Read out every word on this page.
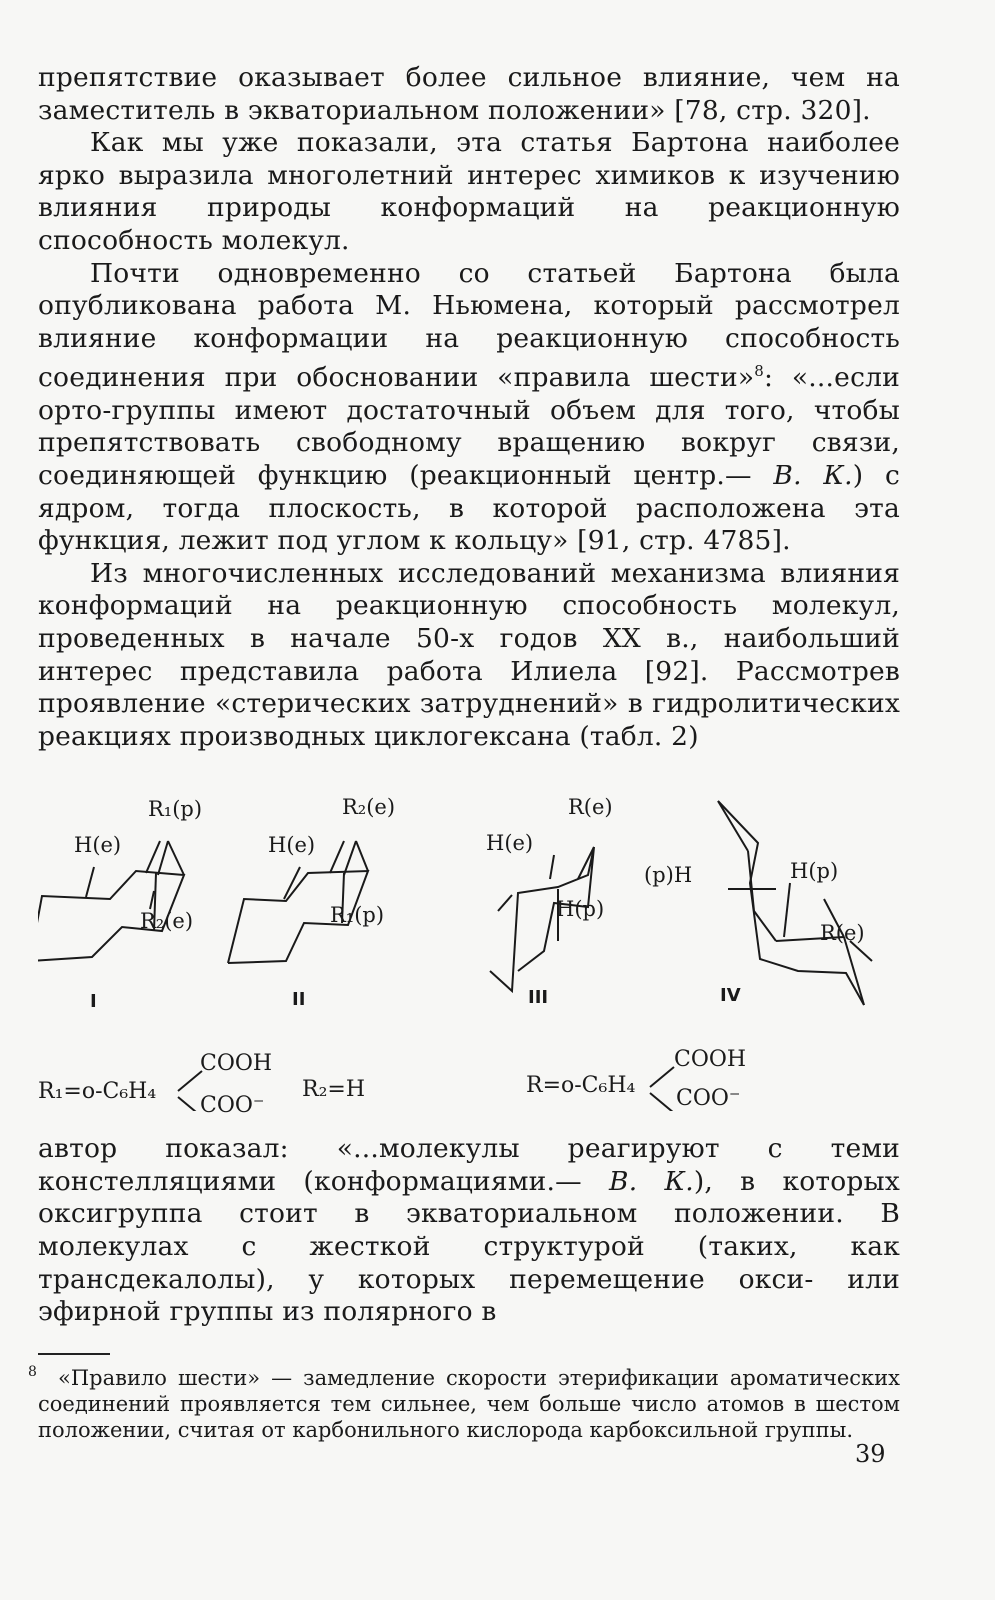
препятствие оказывает более сильное влияние, чем на заместитель в экваториальном положении» [78, стр. 320].

Как мы уже показали, эта статья Бартона наиболее ярко выразила многолетний интерес химиков к изучению влияния природы конформаций на реакционную способность молекул.

Почти одновременно со статьей Бартона была опубликована работа М. Ньюмена, который рассмотрел влияние конформации на реакционную способность соединения при обосновании «правила шести»$^8$: «...если орто-группы имеют достаточный объем для того, чтобы препятствовать свободному вращению вокруг связи, соединяющей функцию (реакционный центр.— В. К.) с ядром, тогда плоскость, в которой расположена эта функция, лежит под углом к кольцу» [91, стр. 4785].

Из многочисленных исследований механизма влияния конформаций на реакционную способность молекул, проведенных в начале 50-х годов XX в., наибольший интерес представила работа Илиела [92]. Рассмотрев проявление «стерических затруднений» в гидролитических реакциях производных циклогексана (табл. 2)

R₁(p)
H(e)
R₂(e)
R₂(e)
H(e)
R₁(p)
R(e)
H(e)
H(p)
(p)H	H(p)
R(e)
I	II	III	IV
R₁=o-C₆H₄
COOH
R₂=H	R=o-C₆H₄
COOH

автор показал: «...молекулы реагируют с теми констелляциями (конформациями.— В. К.), в которых оксигруппа стоит в экваториальном положении. В молекулах с жесткой структурой (таких, как трансдекалолы), у которых перемещение окси- или эфирной группы из полярного в

8	«Правило шести» — замедление скорости этерификации ароматических соединений проявляется тем сильнее, чем больше число атомов в шестом положении, считая от карбонильного кислорода карбоксильной группы.
COO⁻	COO⁻
39
